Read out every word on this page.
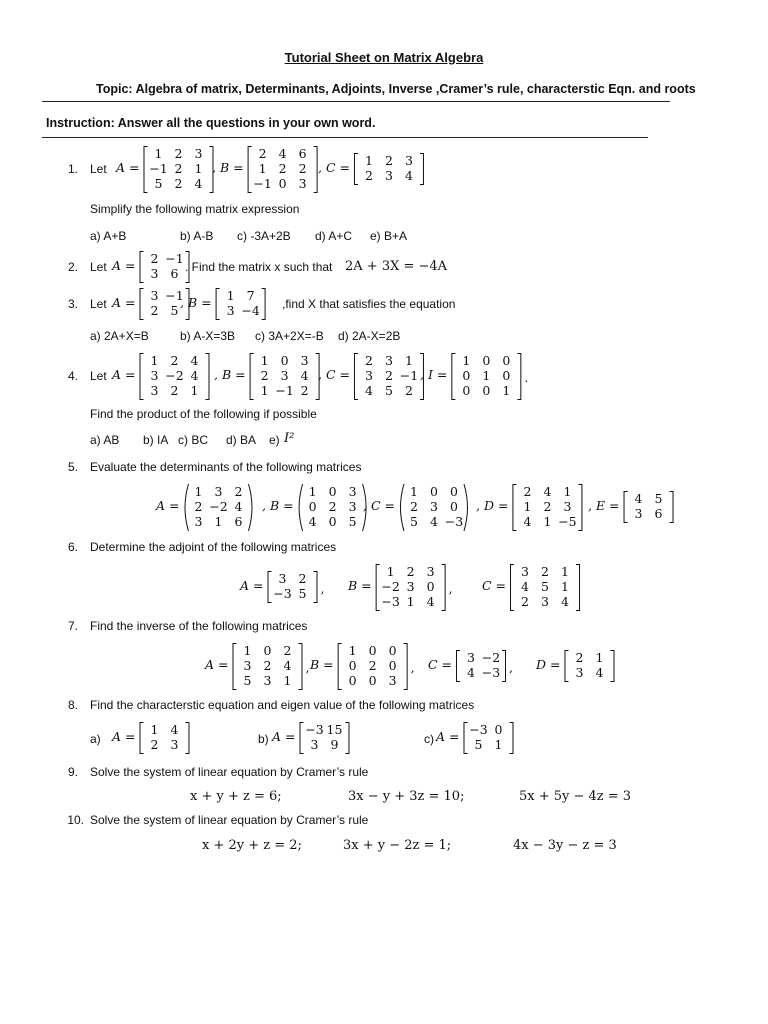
Tutorial Sheet on Matrix Algebra
Topic: Algebra of matrix, Determinants, Adjoints, Inverse ,Cramer’s rule, characterstic Eqn. and roots
Instruction: Answer all the questions in your own word.
1. Let A =
1 2 3
−1 2 1
5 2 4
, B =
2 4 6
1 2 2
−1 0 3
, C =	1 2 3
2 3 4
Simplify the following matrix expression
a) A+B	b) A-B c) -3A+2B d) A+C e) B+A
2. Let A =	2 −1
3 6 . Find the matrix x such that 2A + 3X = −4A
3. Let A =	3 −1
2 5
, B =	1 7
3 −4 ,find X that satisfies the equation
a) 2A+X=B	b) A-X=3B c) 3A+2X=-B d) 2A-X=2B
4. Let A =
1 2 4
3 −2 4
3 2 1
, B =
1 0 3
2 3 4
1 −1 2
, C =
2 3 1
3 2 −1
4 5 2
, I =
1 0 0
0 1 0
0 0 1
.
Find the product of the following if possible
a) AB b) IA c) BC d) BA e) I²
5. Evaluate the determinants of the following matrices
A =
1 3 2
2 −2 4
3 1 6
, B =
1 0 3
0 2 3
4 0 5
, C =
1 0 0
2 3 0
5 4 −3
, D =
2 4 1
1 2 3
4 1 −5
, E =	4 5
3 6
6. Determine the adjoint of the following matrices
A =	3 2
−3 5	, B =
1 2 3
−2 3 0
−3 1 4
, C =
3 2 1
4 5 1
2 3 4
7. Find the inverse of the following matrices
A =
1 0 2
3 2 4
5 3 1
, B =
1 0 0
0 2 0
0 0 3
, C =	3 −2
4 −3 , D =	2 1
3 4
8. Find the characterstic equation and eigen value of the following matrices
a) A =	1 4
2 3	b) A = −3 15
3 9	c) A = −3 0
5 1
9. Solve the system of linear equation by Cramer’s rule
x + y + z = 6;	3x − y + 3z = 10;	5x + 5y − 4z = 3
10. Solve the system of linear equation by Cramer’s rule
x + 2y + z = 2;	3x + y − 2z = 1;	4x − 3y − z = 3
